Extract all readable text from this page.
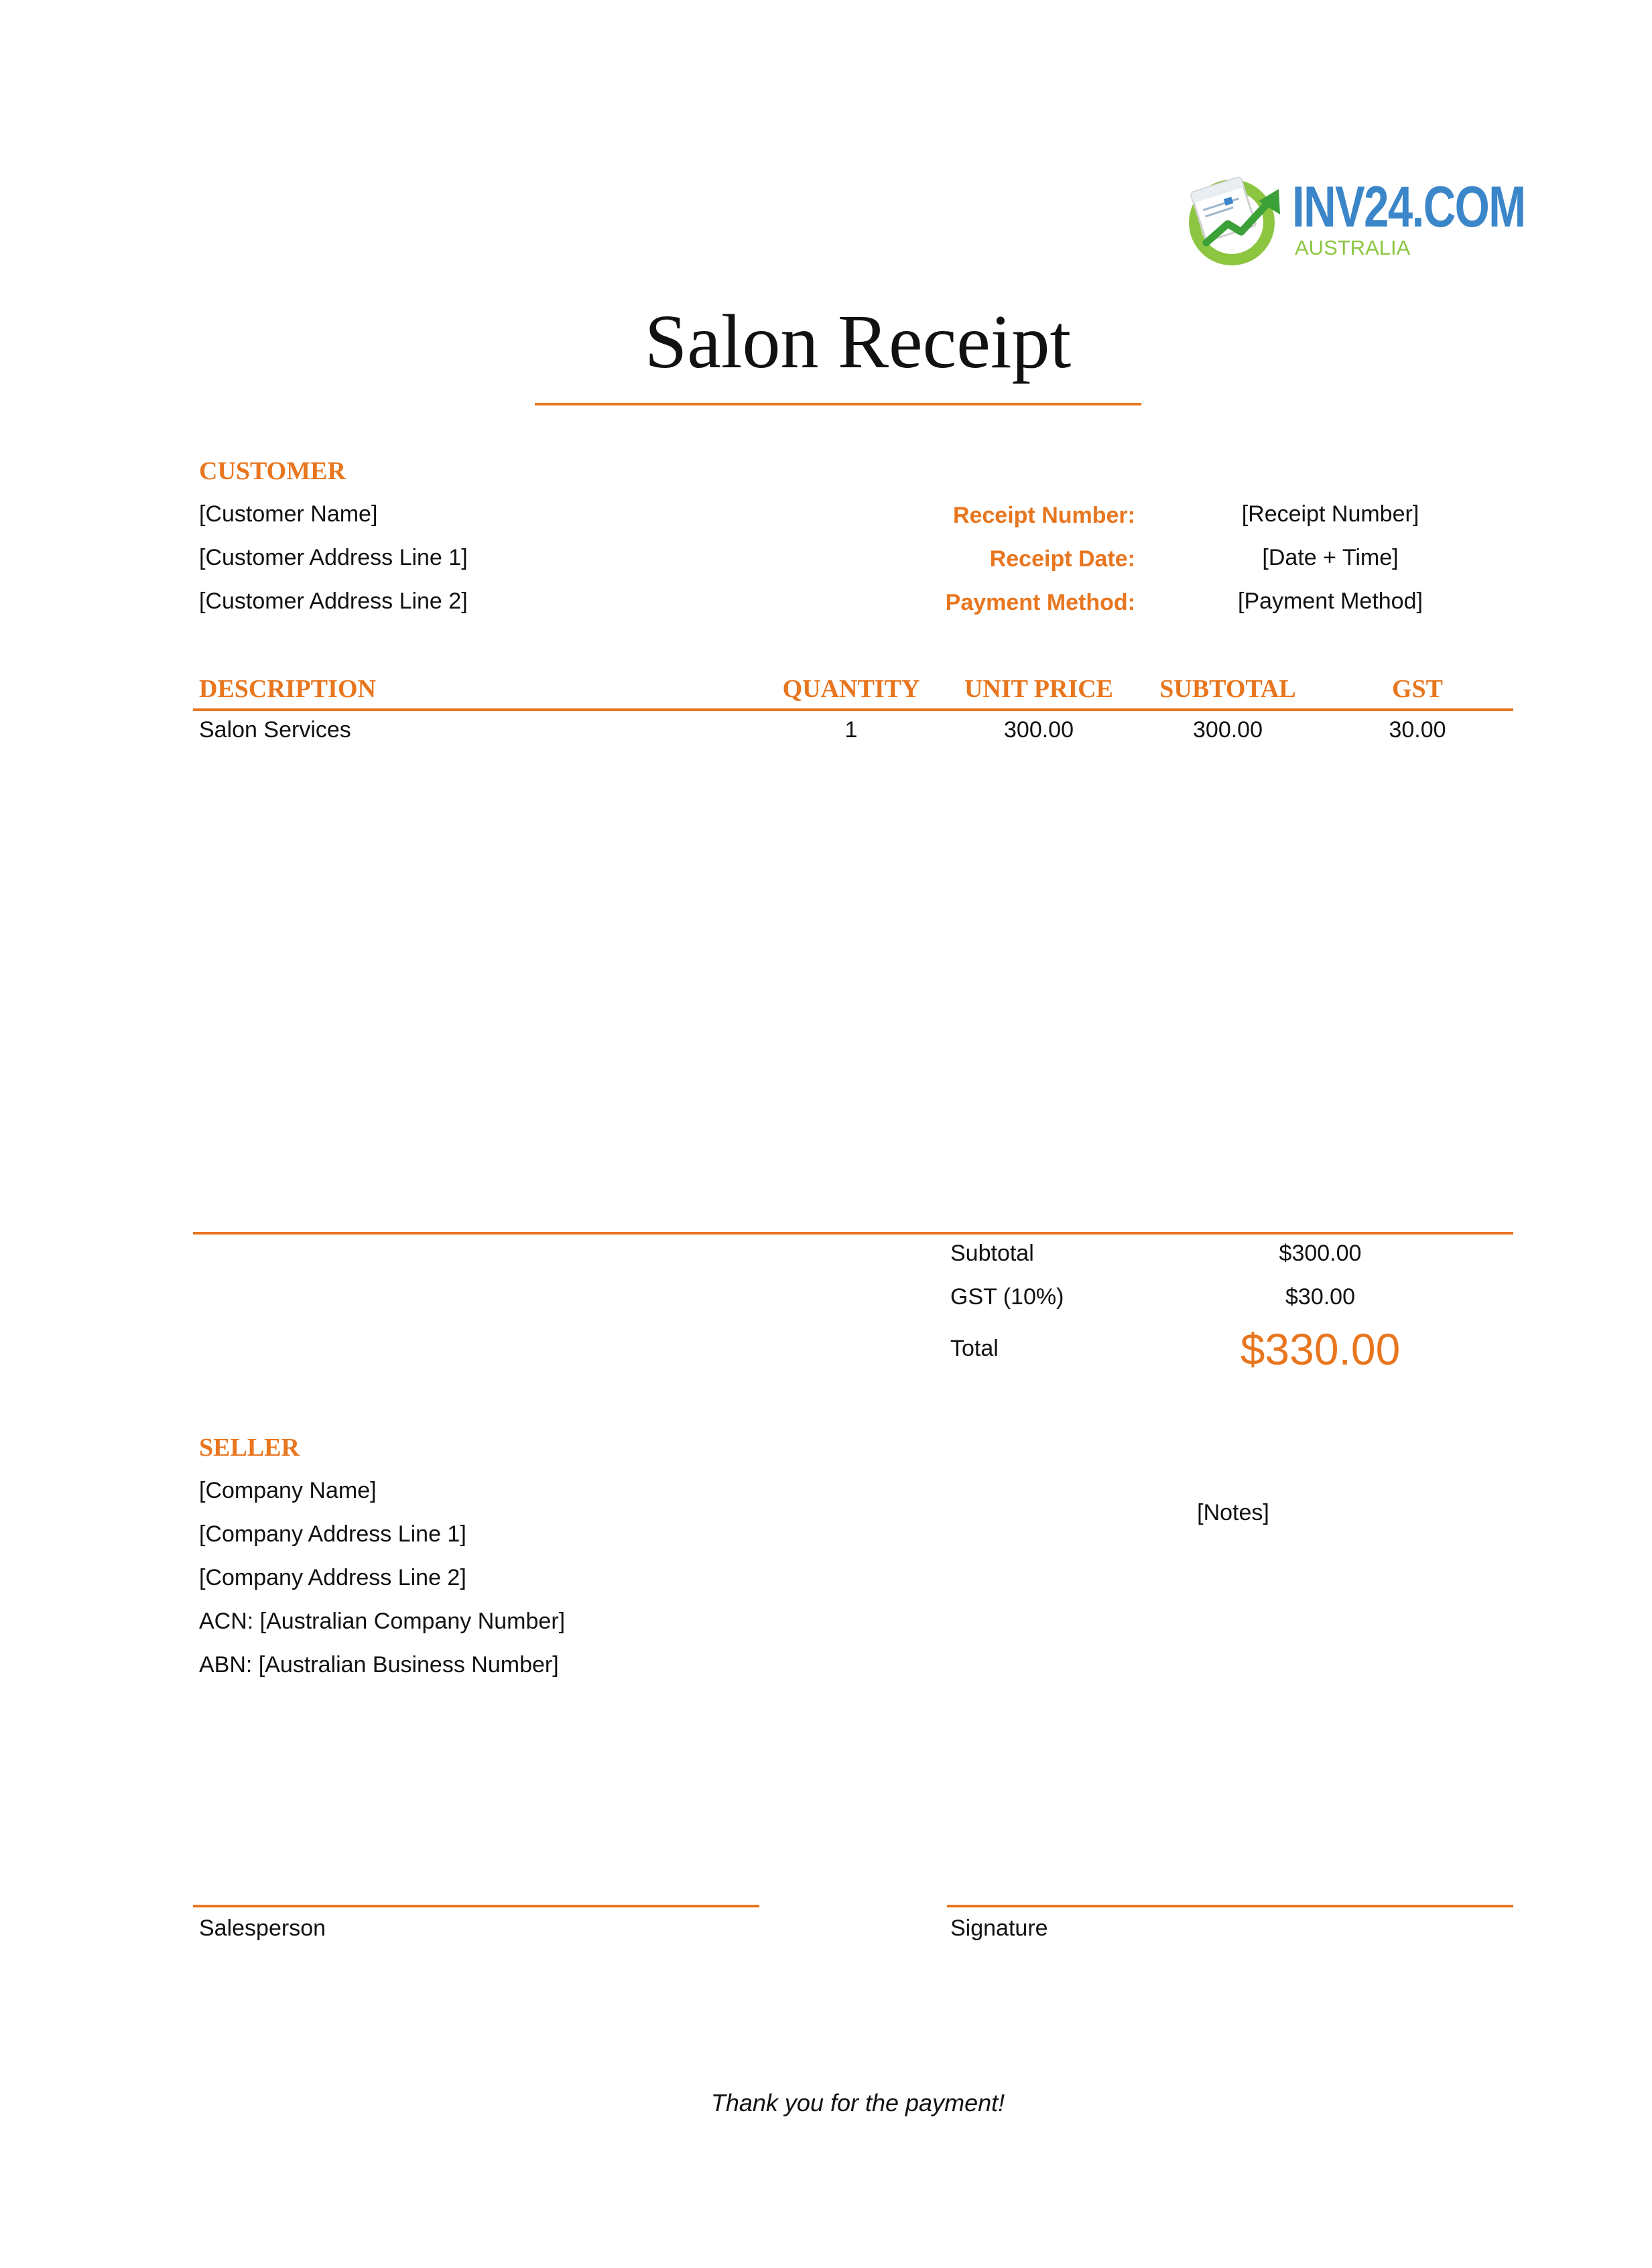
INV24.COM
AUSTRALIA
Salon Receipt
CUSTOMER
[Customer Name]
[Customer Address Line 1]
[Customer Address Line 2]
Receipt Number:	[Receipt Number]
Receipt Date:	[Date + Time]
Payment Method:	[Payment Method]
DESCRIPTION	QUANTITY	UNIT PRICE	SUBTOTAL	GST
Salon Services	1	300.00	300.00	30.00
Subtotal	$300.00
GST (10%)	$30.00
Total	$330.00
SELLER
[Company Name]
[Company Address Line 1]
[Company Address Line 2]
ACN: [Australian Company Number]
ABN: [Australian Business Number]
[Notes]
Salesperson	Signature
Thank you for the payment!
